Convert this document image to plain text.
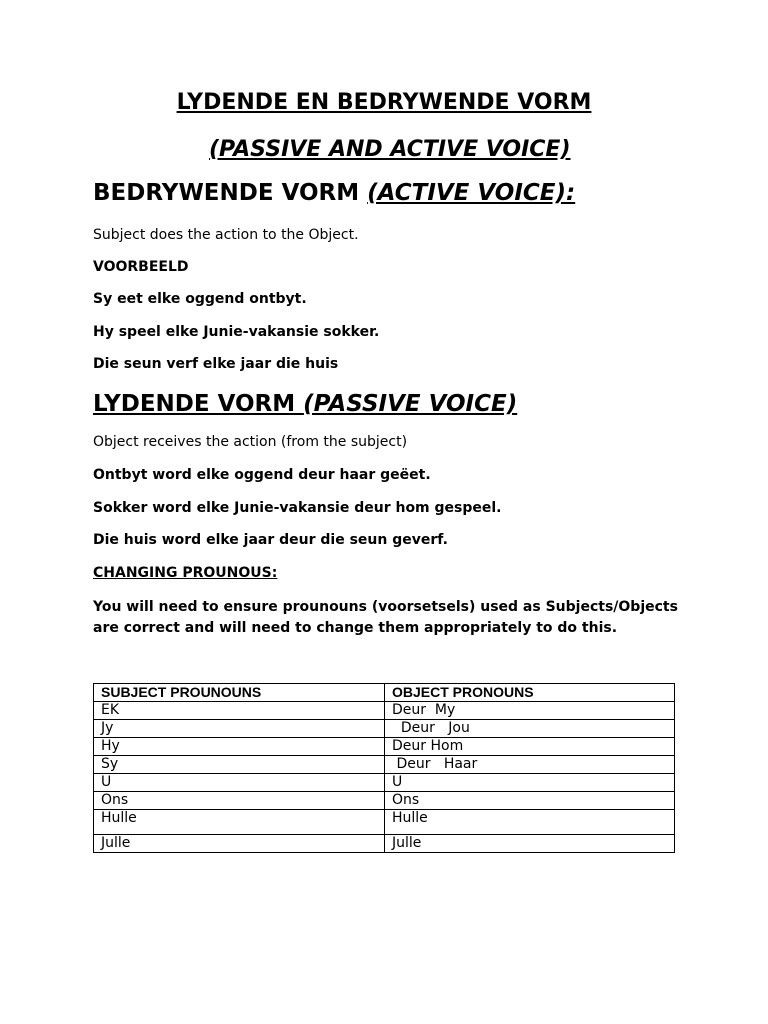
LYDENDE EN BEDRYWENDE VORM
(PASSIVE AND ACTIVE VOICE)
BEDRYWENDE VORM (ACTIVE VOICE):
Subject does the action to the Object.
VOORBEELD
Sy eet elke oggend ontbyt.
Hy speel elke Junie-vakansie sokker.
Die seun verf elke jaar die huis
LYDENDE VORM (PASSIVE VOICE)
Object receives the action (from the subject)
Ontbyt word elke oggend deur haar geëet.
Sokker word elke Junie-vakansie deur hom gespeel.
Die huis word elke jaar deur die seun geverf.
CHANGING PROUNOUS:
You will need to ensure prounouns (voorsetsels) used as Subjects/Objects are correct and will need to change them appropriately to do this.
SUBJECT PROUNOUNS	OBJECT PRONOUNS
EK	Deur  My
Jy	Deur   Jou
Hy	Deur Hom
Sy	Deur   Haar
U	U
Ons	Ons
Hulle	Hulle
Julle	Julle
